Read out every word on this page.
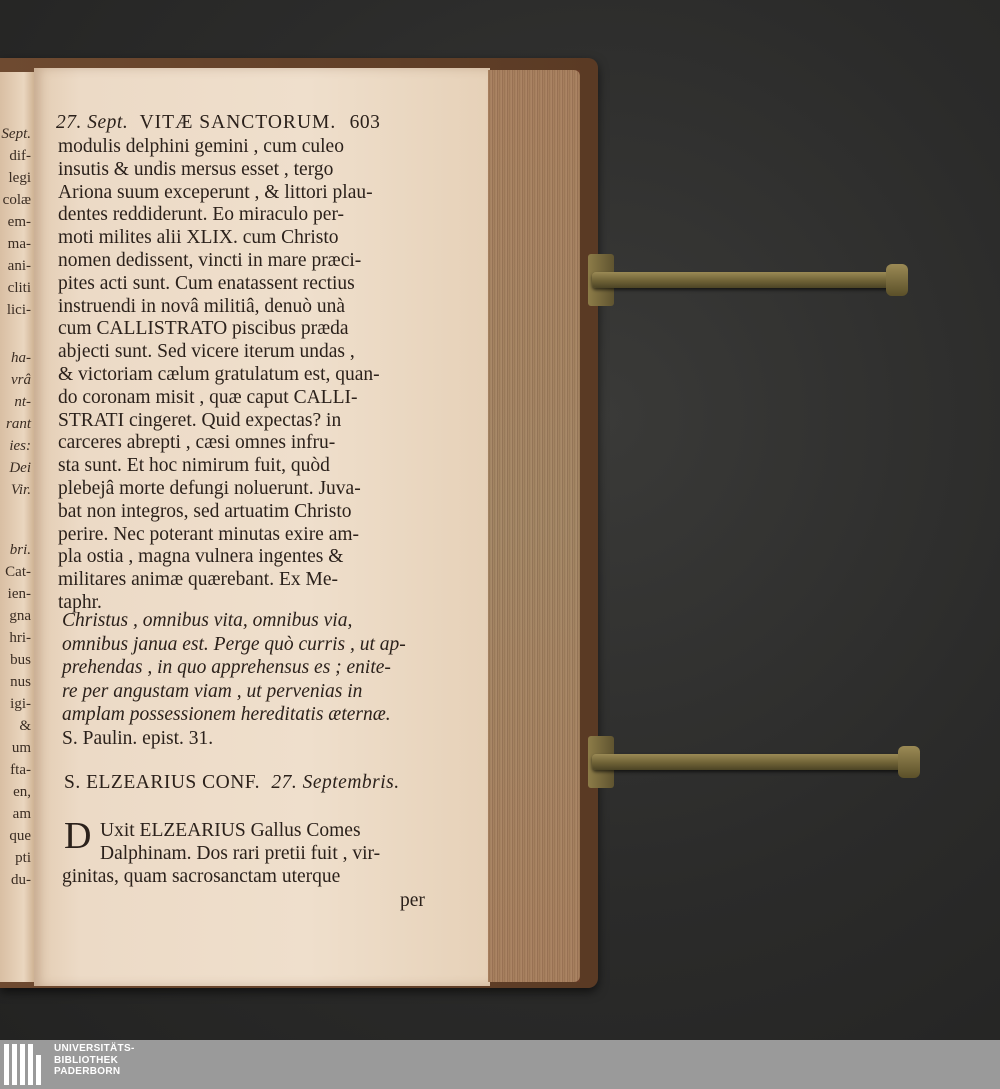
Sept.
dif-
legi
colæ
em-
ma-
ani-
cliti
lici-
ha-
vrâ
nt-
rant
ies:
Dei
Vir.
bri.
Cat-
ien-
gna
hri-
bus
nus
igi-
&
um
fta-
en,
am
que
pti
du-
27. Sept. VITÆ SANCTORUM. 603
modulis delphini gemini , cum culeo
insutis & undis mersus esset , tergo
Ariona suum exceperunt , & littori plau-
dentes reddiderunt. Eo miraculo per-
moti milites alii XLIX. cum Christo
nomen dedissent, vincti in mare præci-
pites acti sunt. Cum enatassent rectius
instruendi in novâ militiâ, denuò unà
cum CALLISTRATO piscibus præda
abjecti sunt. Sed vicere iterum undas ,
& victoriam cælum gratulatum est, quan-
do coronam misit , quæ caput CALLI-
STRATI cingeret. Quid expectas? in
carceres abrepti , cæsi omnes infru-
sta sunt. Et hoc nimirum fuit, quòd
plebejâ morte defungi noluerunt. Juva-
bat non integros, sed artuatim Christo
perire. Nec poterant minutas exire am-
pla ostia , magna vulnera ingentes &
militares animæ quærebant. Ex Me-
taphr.
Christus , omnibus vita, omnibus via,
omnibus janua est. Perge quò curris , ut ap-
prehendas , in quo apprehensus es ; enite-
re per angustam viam , ut pervenias in
amplam possessionem hereditatis æternæ.
S. Paulin. epist. 31.
S. ELZEARIUS CONF. 27. Septembris.
D Uxit ELZEARIUS Gallus Comes
Dalphinam. Dos rari pretii fuit , vir-
ginitas, quam sacrosanctam uterque
per
UNIVERSITÄTS-
BIBLIOTHEK
PADERBORN
